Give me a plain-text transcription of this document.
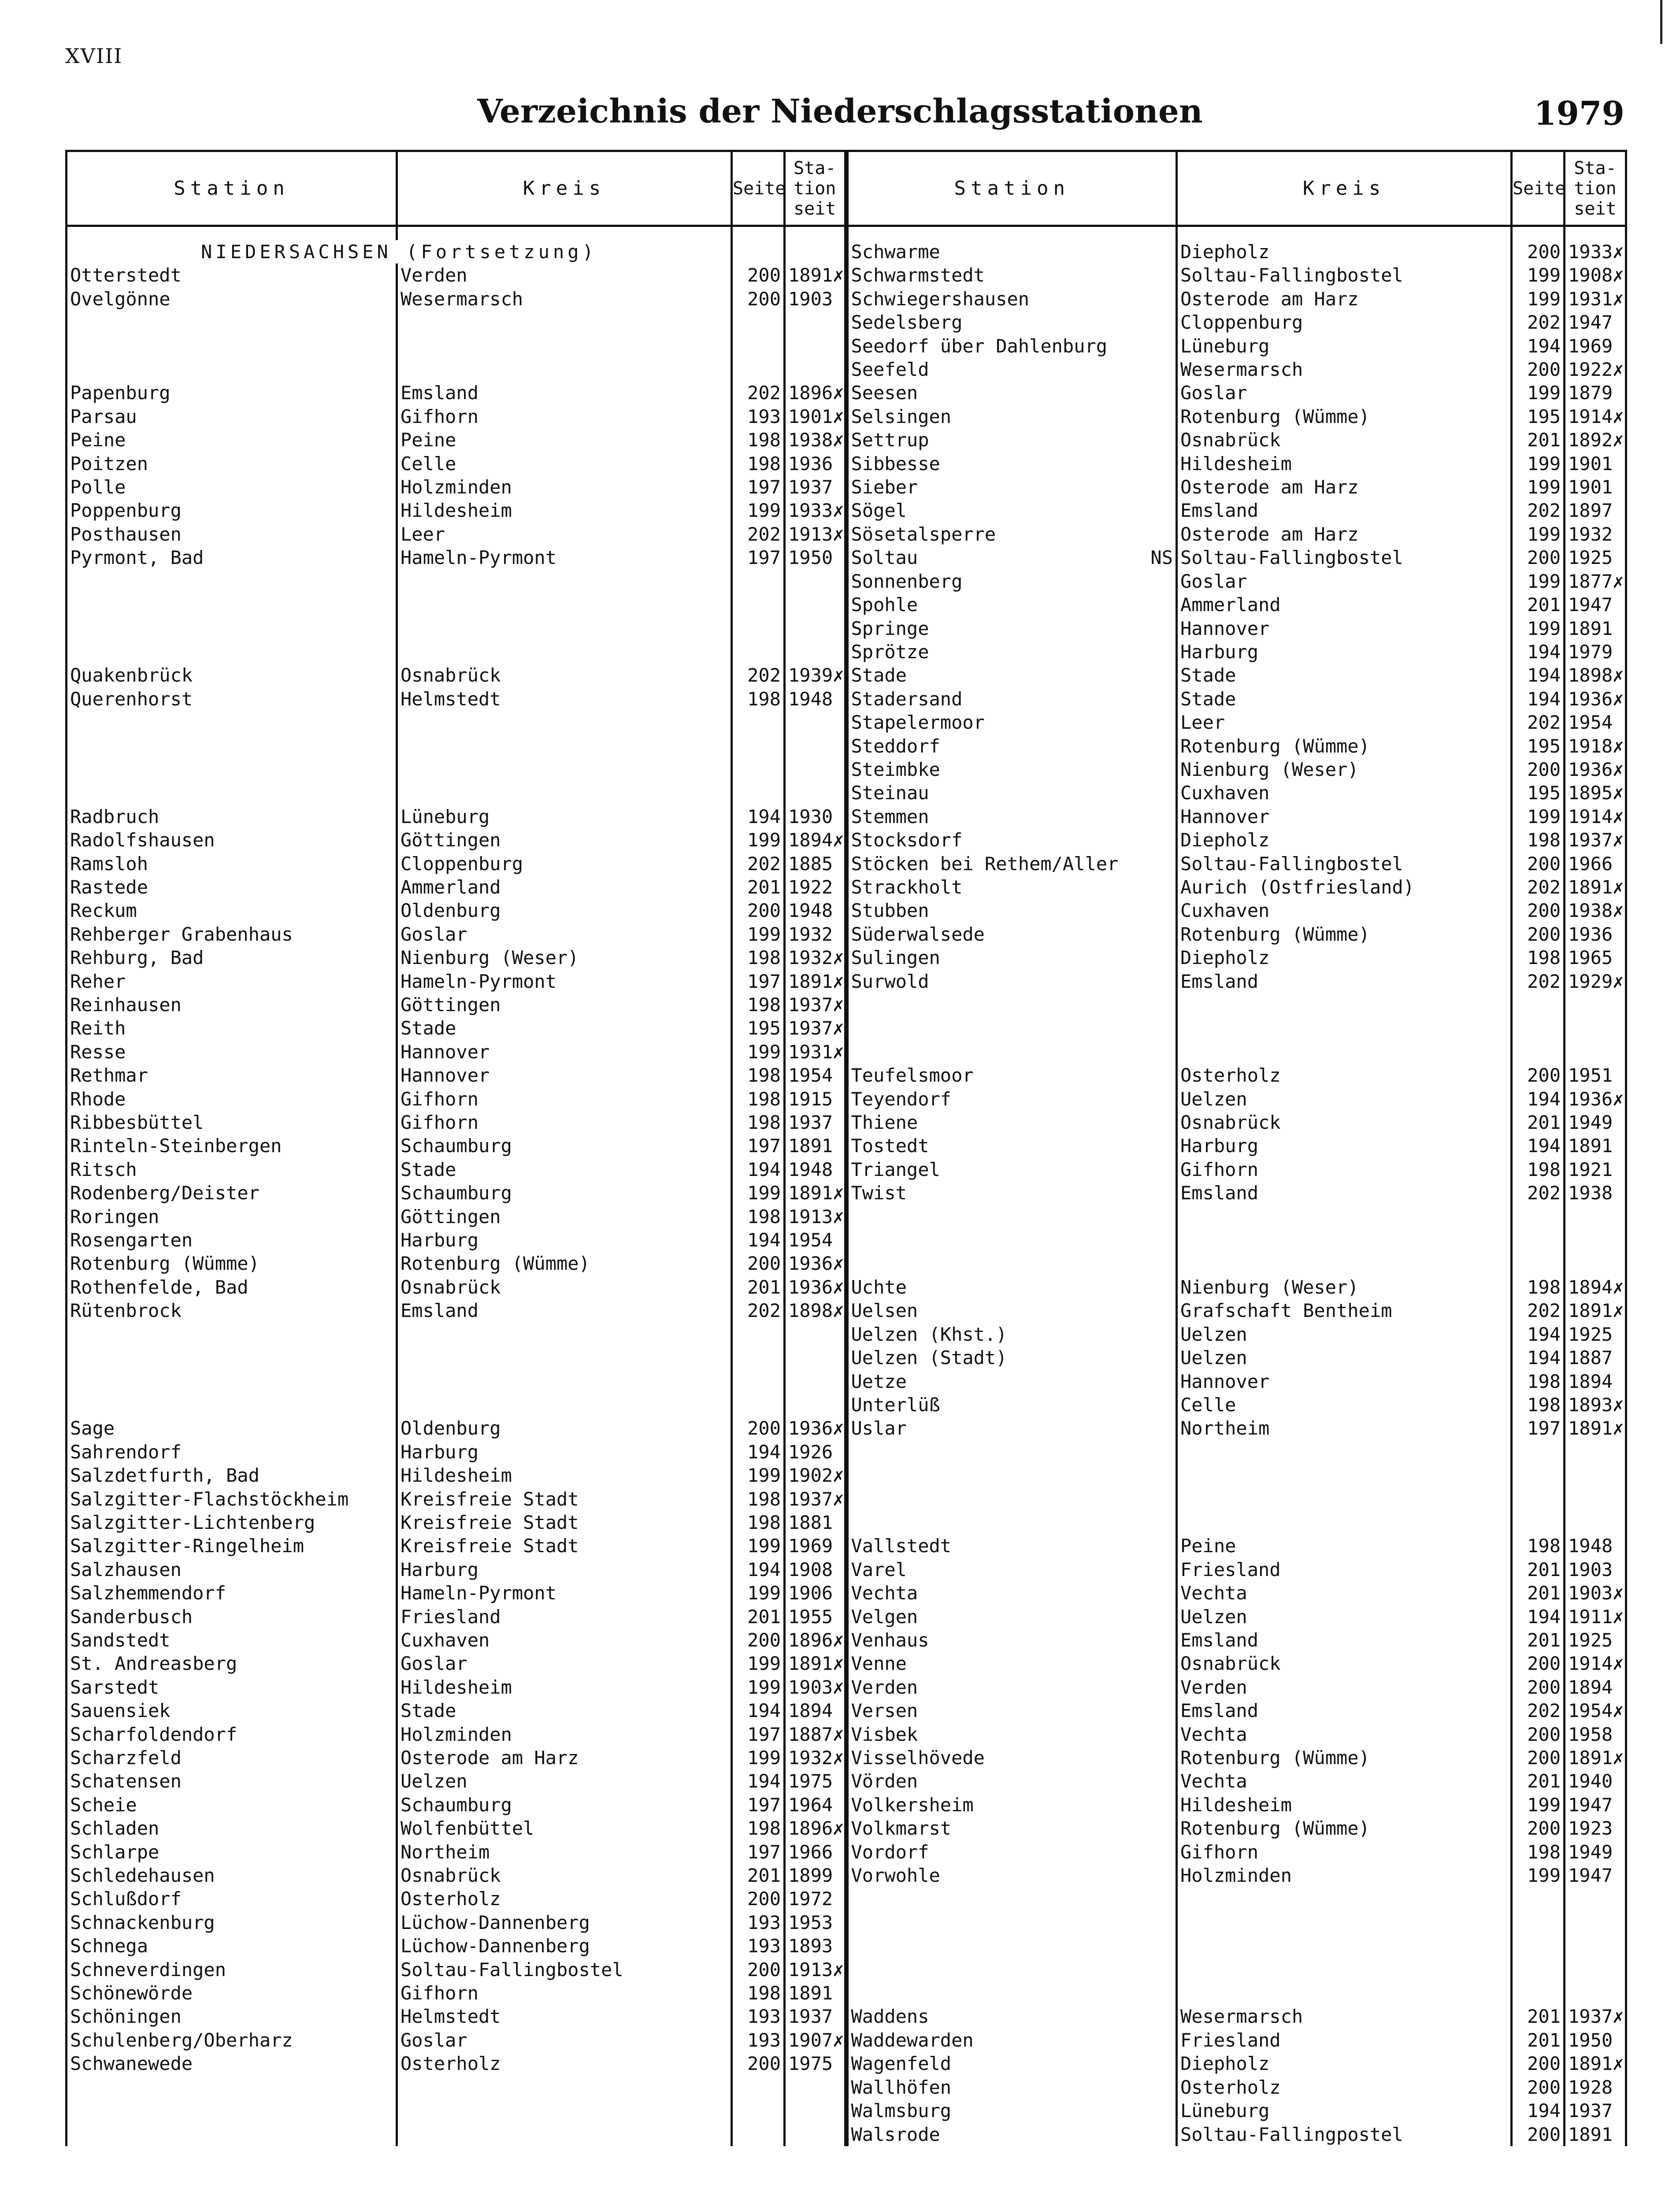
XVIII
Verzeichnis der Niederschlagsstationen	1979
Station	Kreis	Seite	Sta- tion seit	Station	Kreis	Seite	Sta- tion seit

NIEDERSACHSEN (Fortsetzung)				Schwarme	Diepholz	200	1933✗
Otterstedt	Verden	200	1891✗	Schwarmstedt	Soltau-Fallingbostel	199	1908✗
Ovelgönne	Wesermarsch	200	1903	Schwiegershausen	Osterode am Harz	199	1931✗
				Sedelsberg	Cloppenburg	202	1947
				Seedorf über Dahlenburg	Lüneburg	194	1969
				Seefeld	Wesermarsch	200	1922✗
Papenburg	Emsland	202	1896✗	Seesen	Goslar	199	1879
Parsau	Gifhorn	193	1901✗	Selsingen	Rotenburg (Wümme)	195	1914✗
Peine	Peine	198	1938✗	Settrup	Osnabrück	201	1892✗
Poitzen	Celle	198	1936	Sibbesse	Hildesheim	199	1901
Polle	Holzminden	197	1937	Sieber	Osterode am Harz	199	1901
Poppenburg	Hildesheim	199	1933✗	Sögel	Emsland	202	1897
Posthausen	Leer	202	1913✗	Sösetalsperre	Osterode am Harz	199	1932
Pyrmont, Bad	Hameln-Pyrmont	197	1950	Soltau NS	Soltau-Fallingbostel	200	1925
				Sonnenberg	Goslar	199	1877✗
				Spohle	Ammerland	201	1947
				Springe	Hannover	199	1891
				Sprötze	Harburg	194	1979
Quakenbrück	Osnabrück	202	1939✗	Stade	Stade	194	1898✗
Querenhorst	Helmstedt	198	1948	Stadersand	Stade	194	1936✗
				Stapelermoor	Leer	202	1954
				Steddorf	Rotenburg (Wümme)	195	1918✗
				Steimbke	Nienburg (Weser)	200	1936✗
				Steinau	Cuxhaven	195	1895✗
Radbruch	Lüneburg	194	1930	Stemmen	Hannover	199	1914✗
Radolfshausen	Göttingen	199	1894✗	Stocksdorf	Diepholz	198	1937✗
Ramsloh	Cloppenburg	202	1885	Stöcken bei Rethem/Aller	Soltau-Fallingbostel	200	1966
Rastede	Ammerland	201	1922	Strackholt	Aurich (Ostfriesland)	202	1891✗
Reckum	Oldenburg	200	1948	Stubben	Cuxhaven	200	1938✗
Rehberger Grabenhaus	Goslar	199	1932	Süderwalsede	Rotenburg (Wümme)	200	1936
Rehburg, Bad	Nienburg (Weser)	198	1932✗	Sulingen	Diepholz	198	1965
Reher	Hameln-Pyrmont	197	1891✗	Surwold	Emsland	202	1929✗
Reinhausen	Göttingen	198	1937✗				
Reith	Stade	195	1937✗				
Resse	Hannover	199	1931✗				
Rethmar	Hannover	198	1954	Teufelsmoor	Osterholz	200	1951
Rhode	Gifhorn	198	1915	Teyendorf	Uelzen	194	1936✗
Ribbesbüttel	Gifhorn	198	1937	Thiene	Osnabrück	201	1949
Rinteln-Steinbergen	Schaumburg	197	1891	Tostedt	Harburg	194	1891
Ritsch	Stade	194	1948	Triangel	Gifhorn	198	1921
Rodenberg/Deister	Schaumburg	199	1891✗	Twist	Emsland	202	1938
Roringen	Göttingen	198	1913✗				
Rosengarten	Harburg	194	1954				
Rotenburg (Wümme)	Rotenburg (Wümme)	200	1936✗				
Rothenfelde, Bad	Osnabrück	201	1936✗	Uchte	Nienburg (Weser)	198	1894✗
Rütenbrock	Emsland	202	1898✗	Uelsen	Grafschaft Bentheim	202	1891✗
				Uelzen (Khst.)	Uelzen	194	1925
				Uelzen (Stadt)	Uelzen	194	1887
				Uetze	Hannover	198	1894
				Unterlüß	Celle	198	1893✗
Sage	Oldenburg	200	1936✗	Uslar	Northeim	197	1891✗
Sahrendorf	Harburg	194	1926				
Salzdetfurth, Bad	Hildesheim	199	1902✗				
Salzgitter-Flachstöckheim	Kreisfreie Stadt	198	1937✗				
Salzgitter-Lichtenberg	Kreisfreie Stadt	198	1881				
Salzgitter-Ringelheim	Kreisfreie Stadt	199	1969	Vallstedt	Peine	198	1948
Salzhausen	Harburg	194	1908	Varel	Friesland	201	1903
Salzhemmendorf	Hameln-Pyrmont	199	1906	Vechta	Vechta	201	1903✗
Sanderbusch	Friesland	201	1955	Velgen	Uelzen	194	1911✗
Sandstedt	Cuxhaven	200	1896✗	Venhaus	Emsland	201	1925
St. Andreasberg	Goslar	199	1891✗	Venne	Osnabrück	200	1914✗
Sarstedt	Hildesheim	199	1903✗	Verden	Verden	200	1894
Sauensiek	Stade	194	1894	Versen	Emsland	202	1954✗
Scharfoldendorf	Holzminden	197	1887✗	Visbek	Vechta	200	1958
Scharzfeld	Osterode am Harz	199	1932✗	Visselhövede	Rotenburg (Wümme)	200	1891✗
Schatensen	Uelzen	194	1975	Vörden	Vechta	201	1940
Scheie	Schaumburg	197	1964	Volkersheim	Hildesheim	199	1947
Schladen	Wolfenbüttel	198	1896✗	Volkmarst	Rotenburg (Wümme)	200	1923
Schlarpe	Northeim	197	1966	Vordorf	Gifhorn	198	1949
Schledehausen	Osnabrück	201	1899	Vorwohle	Holzminden	199	1947
Schlußdorf	Osterholz	200	1972				
Schnackenburg	Lüchow-Dannenberg	193	1953				
Schnega	Lüchow-Dannenberg	193	1893				
Schneverdingen	Soltau-Fallingbostel	200	1913✗				
Schönewörde	Gifhorn	198	1891				
Schöningen	Helmstedt	193	1937	Waddens	Wesermarsch	201	1937✗
Schulenberg/Oberharz	Goslar	193	1907✗	Waddewarden	Friesland	201	1950
Schwanewede	Osterholz	200	1975	Wagenfeld	Diepholz	200	1891✗
				Wallhöfen	Osterholz	200	1928
				Walmsburg	Lüneburg	194	1937
				Walsrode	Soltau-Fallingpostel	200	1891
